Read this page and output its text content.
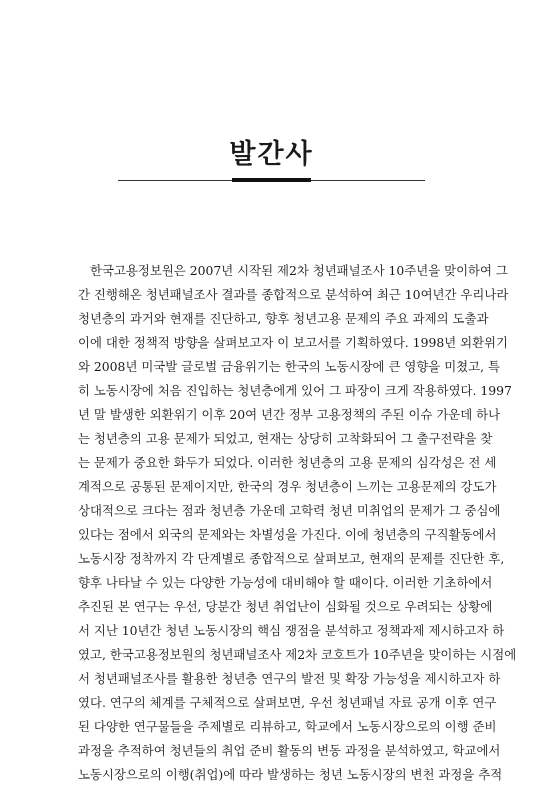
발간사
한국고용정보원은 2007년 시작된 제2차 청년패널조사 10주년을 맞이하여 그
간 진행해온 청년패널조사 결과를 종합적으로 분석하여 최근 10여년간 우리나라
청년층의 과거와 현재를 진단하고, 향후 청년고용 문제의 주요 과제의 도출과
이에 대한 정책적 방향을 살펴보고자 이 보고서를 기획하였다. 1998년 외환위기
와 2008년 미국발 글로벌 금융위기는 한국의 노동시장에 큰 영향을 미쳤고, 특
히 노동시장에 처음 진입하는 청년층에게 있어 그 파장이 크게 작용하였다. 1997
년 말 발생한 외환위기 이후 20여 년간 정부 고용정책의 주된 이슈 가운데 하나
는 청년층의 고용 문제가 되었고, 현재는 상당히 고착화되어 그 출구전략을 찾
는 문제가 중요한 화두가 되었다. 이러한 청년층의 고용 문제의 심각성은 전 세
계적으로 공통된 문제이지만, 한국의 경우 청년층이 느끼는 고용문제의 강도가
상대적으로 크다는 점과 청년층 가운데 고학력 청년 미취업의 문제가 그 중심에
있다는 점에서 외국의 문제와는 차별성을 가진다. 이에 청년층의 구직활동에서
노동시장 정착까지 각 단계별로 종합적으로 살펴보고, 현재의 문제를 진단한 후,
향후 나타날 수 있는 다양한 가능성에 대비해야 할 때이다. 이러한 기초하에서
추진된 본 연구는 우선, 당분간 청년 취업난이 심화될 것으로 우려되는 상황에
서 지난 10년간 청년 노동시장의 핵심 쟁점을 분석하고 정책과제 제시하고자 하
였고, 한국고용정보원의 청년패널조사 제2차 코호트가 10주년을 맞이하는 시점에
서 청년패널조사를 활용한 청년층 연구의 발전 및 확장 가능성을 제시하고자 하
였다. 연구의 체계를 구체적으로 살펴보면, 우선 청년패널 자료 공개 이후 연구
된 다양한 연구물들을 주제별로 리뷰하고, 학교에서 노동시장으로의 이행 준비
과정을 추적하여 청년들의 취업 준비 활동의 변동 과정을 분석하였고, 학교에서
노동시장으로의 이행(취업)에 따라 발생하는 청년 노동시장의 변천 과정을 추적
